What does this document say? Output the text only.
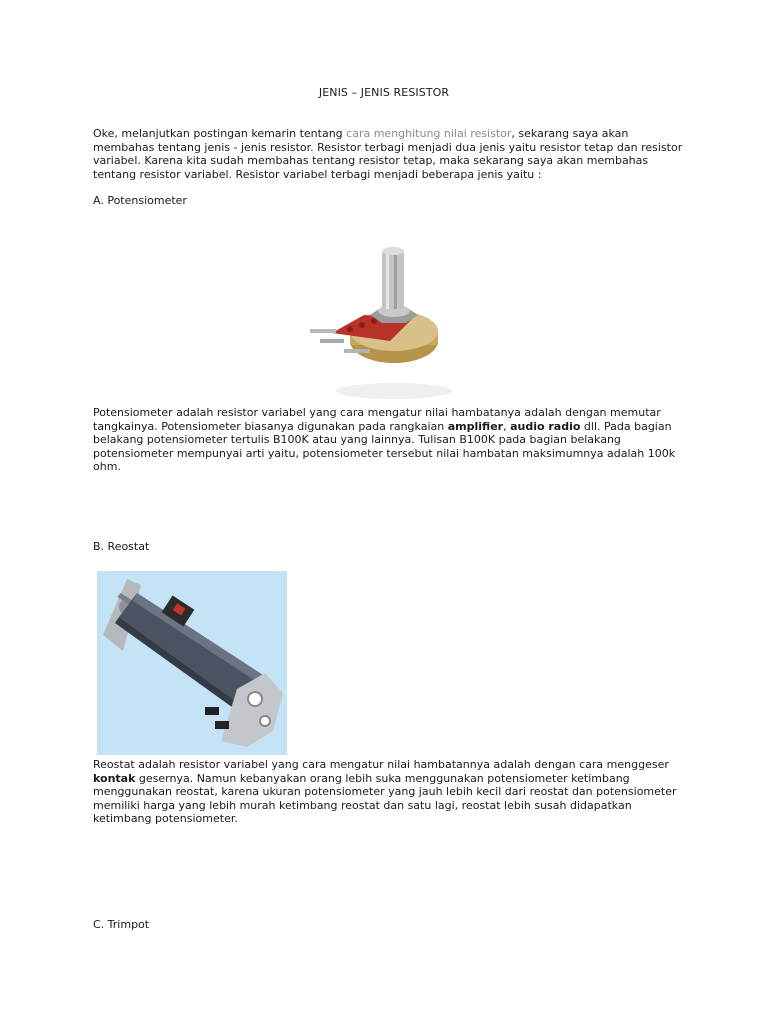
JENIS – JENIS RESISTOR
Oke, melanjutkan postingan kemarin tentang cara menghitung nilai resistor, sekarang saya akan membahas tentang jenis - jenis resistor. Resistor terbagi menjadi dua jenis yaitu resistor tetap dan resistor variabel. Karena kita sudah membahas tentang resistor tetap, maka sekarang saya akan membahas tentang resistor variabel. Resistor variabel terbagi menjadi beberapa jenis yaitu :
A. Potensiometer
Potensiometer adalah resistor variabel yang cara mengatur nilai hambatanya adalah dengan memutar tangkainya. Potensiometer biasanya digunakan pada rangkaian amplifier, audio radio dll. Pada bagian belakang potensiometer tertulis B100K atau yang lainnya. Tulisan B100K pada bagian belakang potensiometer mempunyai arti yaitu, potensiometer tersebut nilai hambatan maksimumnya adalah 100k ohm.
B. Reostat
Reostat adalah resistor variabel yang cara mengatur nilai hambatannya adalah dengan cara menggeser kontak gesernya. Namun kebanyakan orang lebih suka menggunakan potensiometer ketimbang menggunakan reostat, karena ukuran potensiometer yang jauh lebih kecil dari reostat dan potensiometer memiliki harga yang lebih murah ketimbang reostat dan satu lagi, reostat lebih susah didapatkan ketimbang potensiometer.
C. Trimpot
